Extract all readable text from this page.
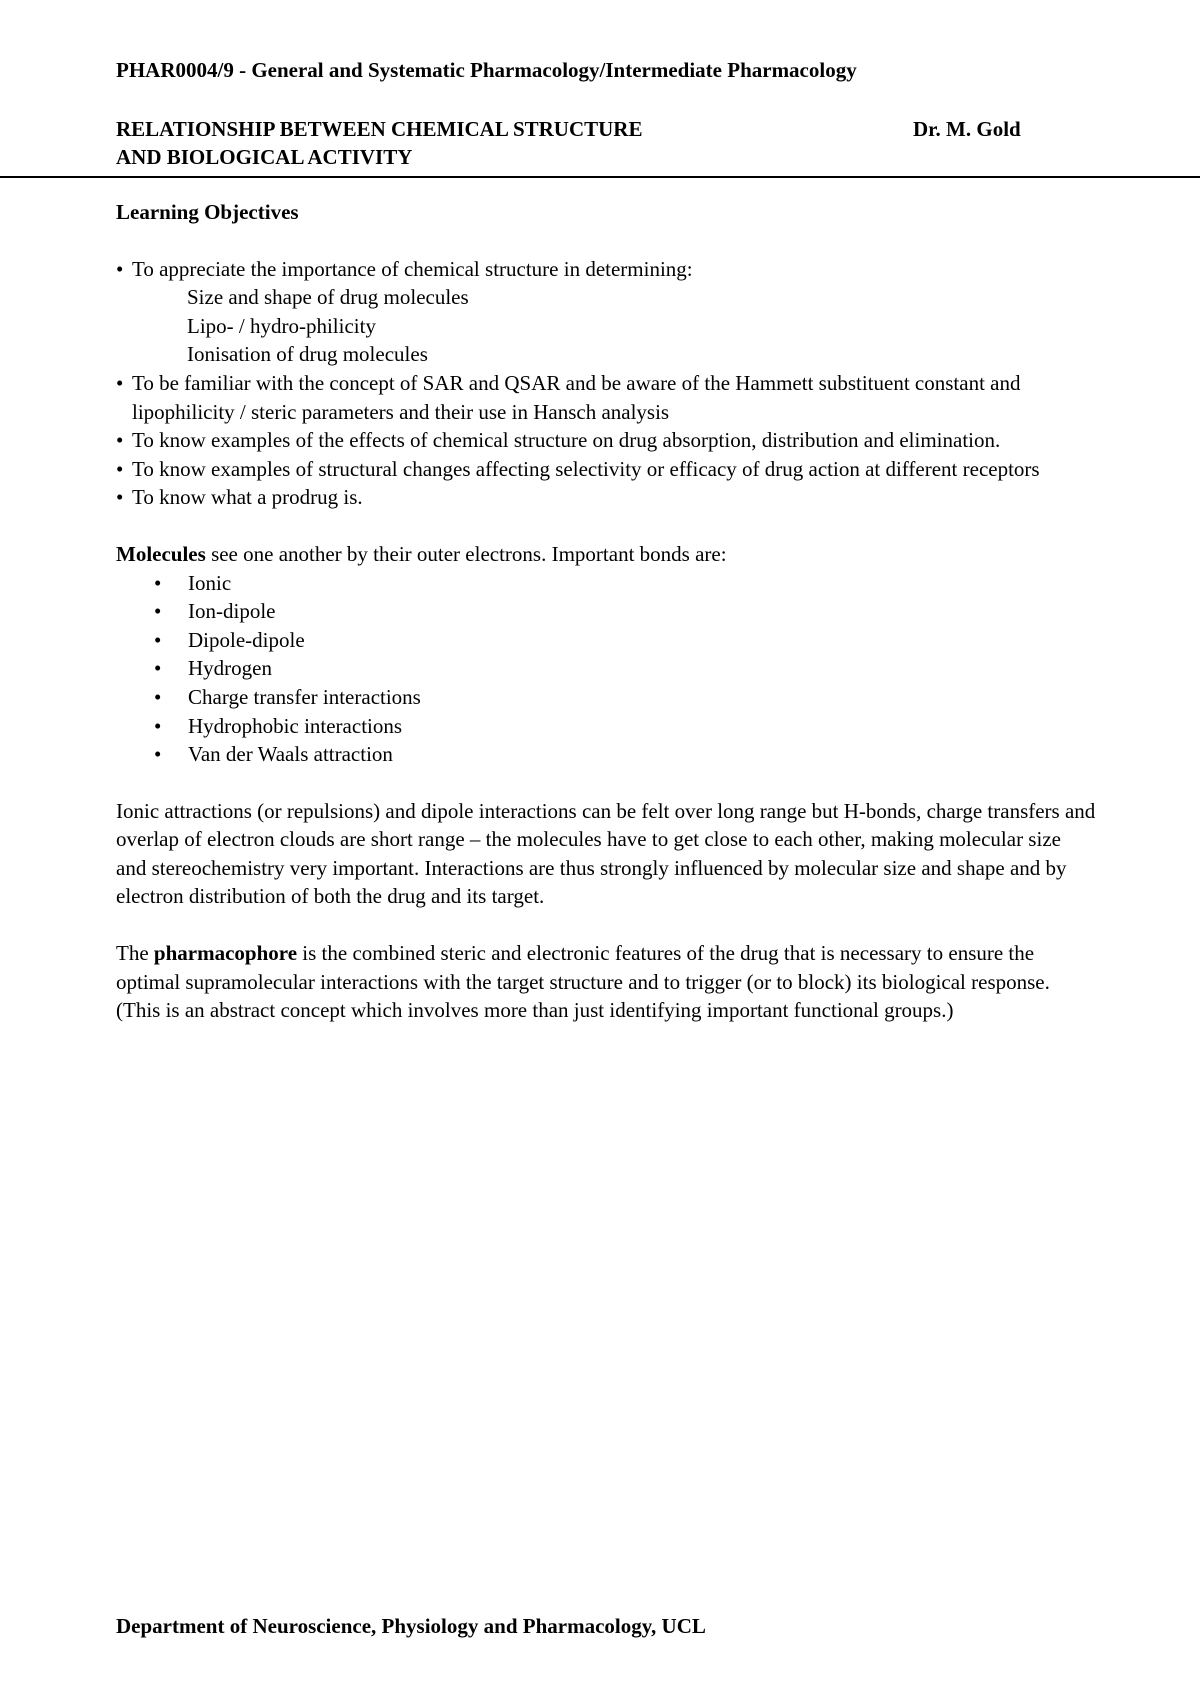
PHAR0004/9 - General and Systematic Pharmacology/Intermediate Pharmacology
RELATIONSHIP BETWEEN CHEMICAL STRUCTURE
AND BIOLOGICAL ACTIVITY
Dr. M. Gold
Learning Objectives
• To appreciate the importance of chemical structure in determining:
Size and shape of drug molecules
Lipo- / hydro-philicity
Ionisation of drug molecules
• To be familiar with the concept of SAR and QSAR and be aware of the Hammett substituent constant and lipophilicity / steric parameters and their use in Hansch analysis
• To know examples of the effects of chemical structure on drug absorption, distribution and elimination.
• To know examples of structural changes affecting selectivity or efficacy of drug action at different receptors
• To know what a prodrug is.
Molecules see one another by their outer electrons. Important bonds are:
• Ionic
• Ion-dipole
• Dipole-dipole
• Hydrogen
• Charge transfer interactions
• Hydrophobic interactions
• Van der Waals attraction
Ionic attractions (or repulsions) and dipole interactions can be felt over long range but H-bonds, charge transfers and overlap of electron clouds are short range – the molecules have to get close to each other, making molecular size and stereochemistry very important. Interactions are thus strongly influenced by molecular size and shape and by electron distribution of both the drug and its target.
The pharmacophore is the combined steric and electronic features of the drug that is necessary to ensure the optimal supramolecular interactions with the target structure and to trigger (or to block) its biological response. (This is an abstract concept which involves more than just identifying important functional groups.)
Department of Neuroscience, Physiology and Pharmacology, UCL
